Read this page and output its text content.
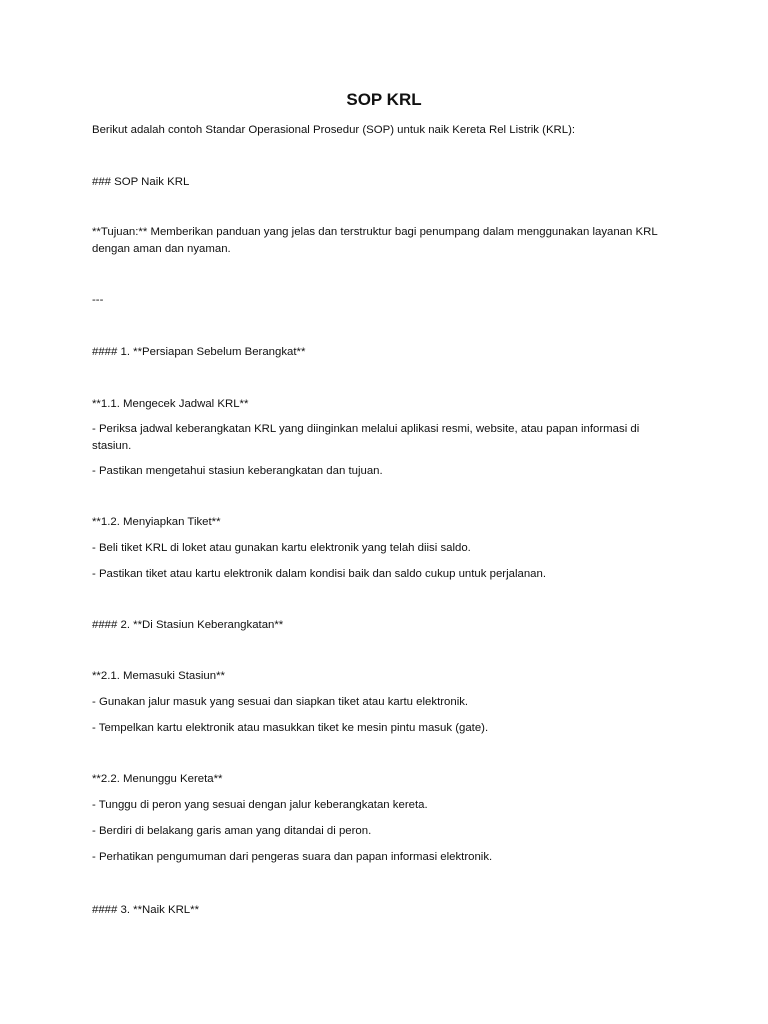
SOP KRL

Berikut adalah contoh Standar Operasional Prosedur (SOP) untuk naik Kereta Rel Listrik (KRL):

### SOP Naik KRL

**Tujuan:** Memberikan panduan yang jelas dan terstruktur bagi penumpang dalam menggunakan layanan KRL dengan aman dan nyaman.

---

#### 1. **Persiapan Sebelum Berangkat**

**1.1. Mengecek Jadwal KRL**

- Periksa jadwal keberangkatan KRL yang diinginkan melalui aplikasi resmi, website, atau papan informasi di stasiun.

- Pastikan mengetahui stasiun keberangkatan dan tujuan.

**1.2. Menyiapkan Tiket**

- Beli tiket KRL di loket atau gunakan kartu elektronik yang telah diisi saldo.

- Pastikan tiket atau kartu elektronik dalam kondisi baik dan saldo cukup untuk perjalanan.

#### 2. **Di Stasiun Keberangkatan**

**2.1. Memasuki Stasiun**

- Gunakan jalur masuk yang sesuai dan siapkan tiket atau kartu elektronik.

- Tempelkan kartu elektronik atau masukkan tiket ke mesin pintu masuk (gate).

**2.2. Menunggu Kereta**

- Tunggu di peron yang sesuai dengan jalur keberangkatan kereta.

- Berdiri di belakang garis aman yang ditandai di peron.

- Perhatikan pengumuman dari pengeras suara dan papan informasi elektronik.

#### 3. **Naik KRL**
